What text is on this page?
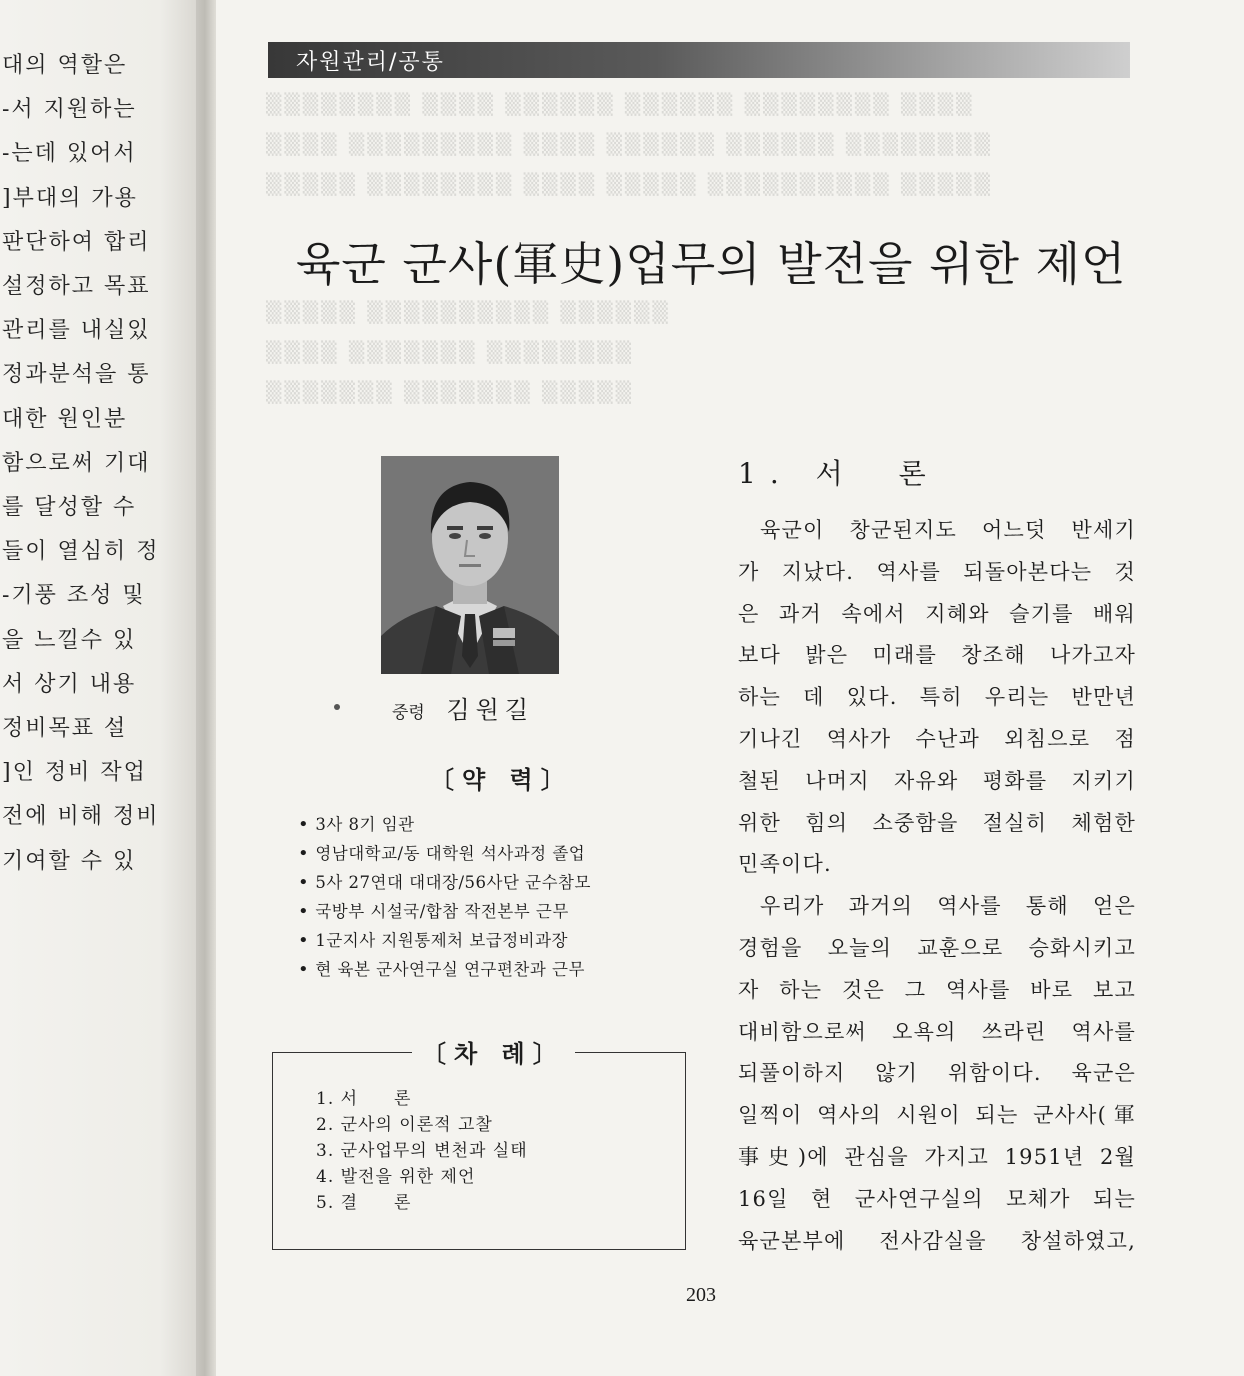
대의 역할은
-서 지원하는
-는데 있어서
]부대의 가용
판단하여 합리
설정하고 목표
관리를 내실있
정과분석을 통
대한 원인분
함으로써 기대
를 달성할 수
들이 열심히 정
-기풍 조성 및
을 느낄수 있
서 상기 내용
정비목표 설
]인 정비 작업
전에 비해 정비
기여할 수 있
▒▒▒▒▒▒▒▒ ▒▒▒▒ ▒▒▒▒▒▒ ▒▒▒▒▒▒ ▒▒▒▒▒▒▒▒ ▒▒▒▒
▒▒▒▒ ▒▒▒▒▒▒▒▒▒ ▒▒▒▒ ▒▒▒▒▒▒ ▒▒▒▒▒▒ ▒▒▒▒▒▒▒▒
▒▒▒▒▒ ▒▒▒▒▒▒▒▒ ▒▒▒▒ ▒▒▒▒▒ ▒▒▒▒▒▒▒▒▒▒ ▒▒▒▒▒
▒▒▒▒▒ ▒▒▒▒▒▒▒▒▒▒ ▒▒▒▒▒▒
▒▒▒▒ ▒▒▒▒▒▒▒ ▒▒▒▒▒▒▒▒
▒▒▒▒▒▒▒ ▒▒▒▒▒▒▒ ▒▒▒▒▒
자원관리/공통
육군 군사(軍史)업무의 발전을 위한 제언
중령 김원길
〔약 력〕
• 3사 8기 임관
• 영남대학교/동 대학원 석사과정 졸업
• 5사 27연대 대대장/56사단 군수참모
• 국방부 시설국/합참 작전본부 근무
• 1군지사 지원통제처 보급정비과장
• 현 육본 군사연구실 연구편찬과 근무
〔차 례〕
1. 서　　론
2. 군사의 이론적 고찰
3. 군사업무의 변천과 실태
4. 발전을 위한 제언
5. 결　　론
1. 서　론
육군이 창군된지도 어느덧 반세기
가 지났다. 역사를 되돌아본다는 것
은 과거 속에서 지혜와 슬기를 배워
보다 밝은 미래를 창조해 나가고자
하는 데 있다. 특히 우리는 반만년
기나긴 역사가 수난과 외침으로 점
철된 나머지 자유와 평화를 지키기
위한 힘의 소중함을 절실히 체험한
민족이다.
우리가 과거의 역사를 통해 얻은
경험을 오늘의 교훈으로 승화시키고
자 하는 것은 그 역사를 바로 보고
대비함으로써 오욕의 쓰라린 역사를
되풀이하지 않기 위함이다. 육군은
일찍이 역사의 시원이 되는 군사사(軍
事史)에 관심을 가지고 1951년 2월
16일 현 군사연구실의 모체가 되는
육군본부에 전사감실을 창설하였고,
203
